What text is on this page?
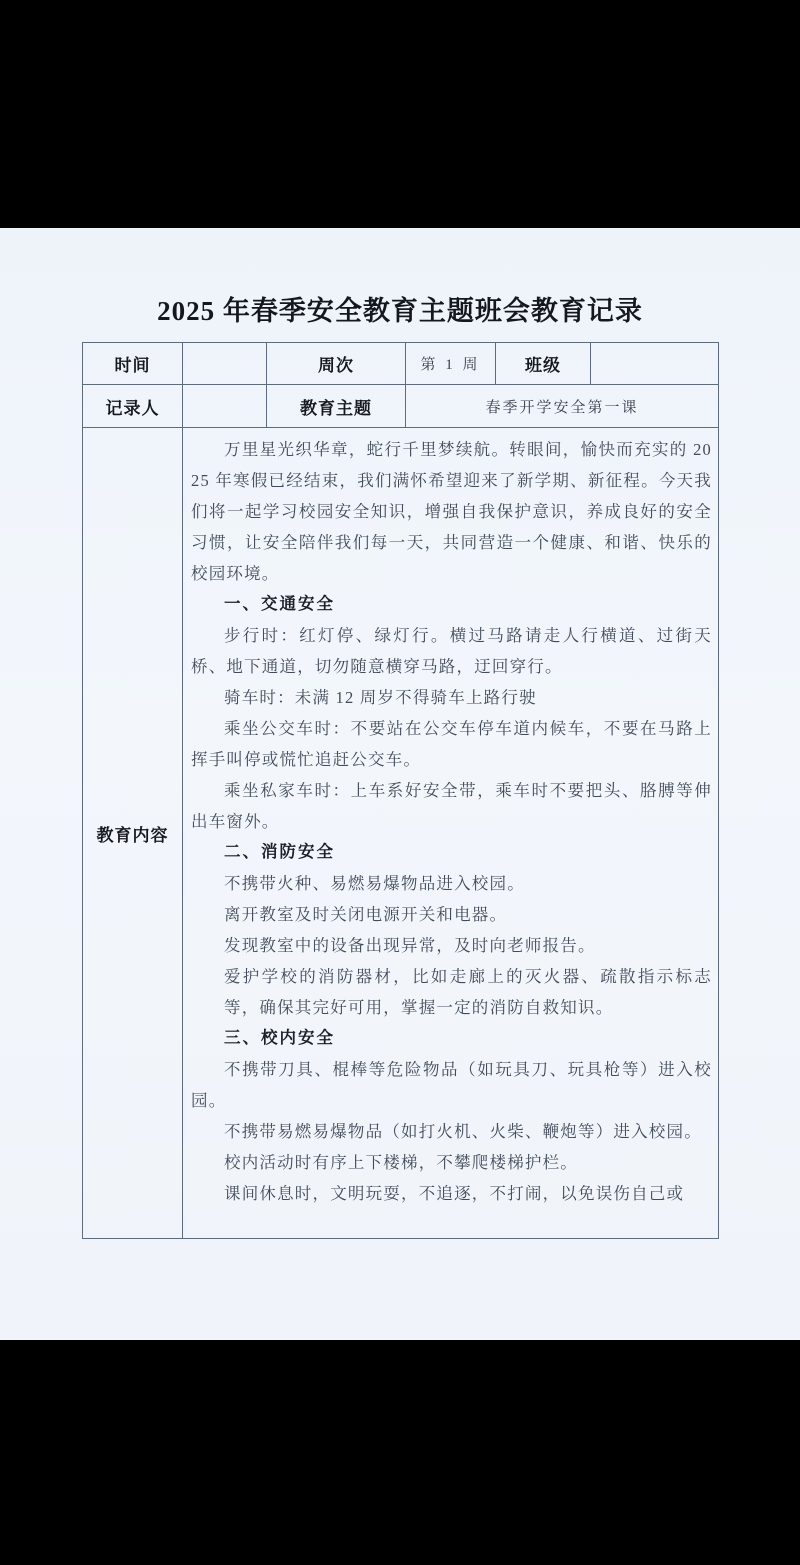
2025 年春季安全教育主题班会教育记录
时间		周次	第 1 周	班级	
记录人		教育主题	春季开学安全第一课		
教育内容	

万里星光织华章，蛇行千里梦续航。转眼间，愉快而充实的 2025 年寒假已经结束，我们满怀希望迎来了新学期、新征程。今天我们将一起学习校园安全知识，增强自我保护意识，养成良好的安全习惯，让安全陪伴我们每一天，共同营造一个健康、和谐、快乐的校园环境。

一、交通安全

步行时：红灯停、绿灯行。横过马路请走人行横道、过街天桥、地下通道，切勿随意横穿马路，迂回穿行。

骑车时：未满 12 周岁不得骑车上路行驶

乘坐公交车时：不要站在公交车停车道内候车，不要在马路上挥手叫停或慌忙追赶公交车。

乘坐私家车时：上车系好安全带，乘车时不要把头、胳膊等伸出车窗外。

二、消防安全

不携带火种、易燃易爆物品进入校园。

离开教室及时关闭电源开关和电器。

发现教室中的设备出现异常，及时向老师报告。

爱护学校的消防器材，比如走廊上的灭火器、疏散指示标志等，确保其完好可用，掌握一定的消防自救知识。

三、校内安全

不携带刀具、棍棒等危险物品（如玩具刀、玩具枪等）进入校园。

不携带易燃易爆物品（如打火机、火柴、鞭炮等）进入校园。

校内活动时有序上下楼梯，不攀爬楼梯护栏。

课间休息时，文明玩耍，不追逐，不打闹，以免误伤自己或
